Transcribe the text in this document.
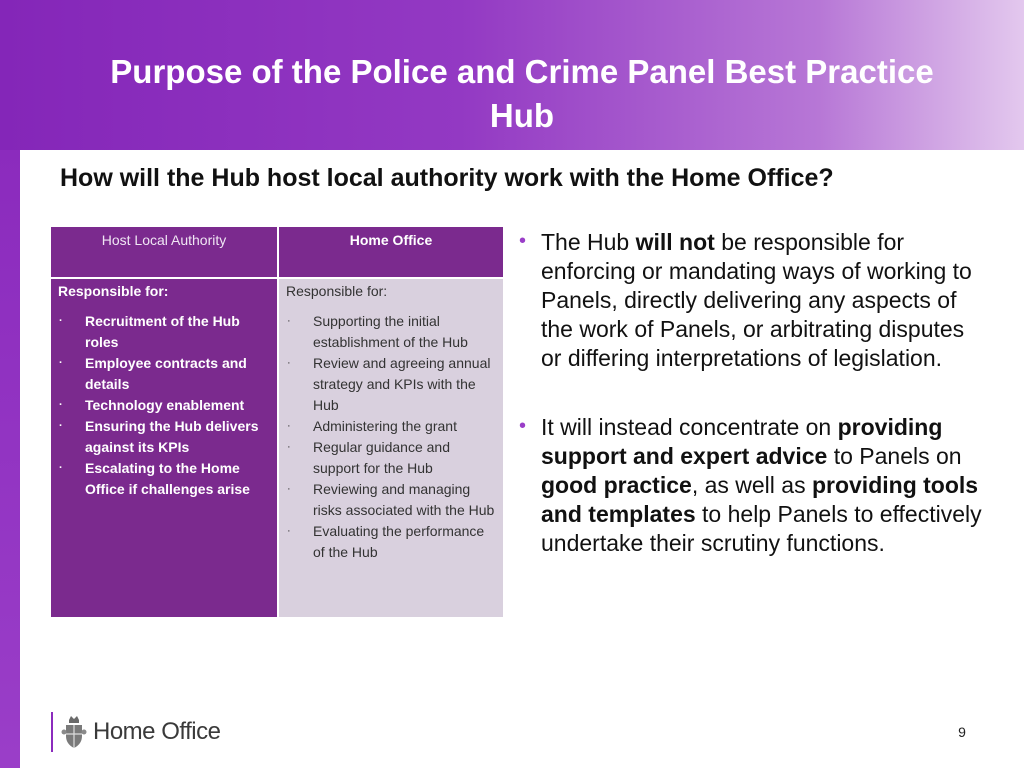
Purpose of the Police and Crime Panel Best Practice
Hub
How will the Hub host local authority work with the Home Office?
Host Local Authority	Home Office
Responsible for:
· Recruitment of the Hub roles
· Employee contracts and details
· Technology enablement
· Ensuring the Hub delivers against its KPIs
· Escalating to the Home Office if challenges arise
Responsible for:
· Supporting the initial establishment of the Hub
· Review and agreeing annual strategy and KPIs with the Hub
· Administering the grant
· Regular guidance and support for the Hub
· Reviewing and managing risks associated with the Hub
· Evaluating the performance of the Hub
• The Hub will not be responsible for enforcing or mandating ways of working to Panels, directly delivering any aspects of the work of Panels, or arbitrating disputes or differing interpretations of legislation.
• It will instead concentrate on providing support and expert advice to Panels on good practice, as well as providing tools and templates to help Panels to effectively undertake their scrutiny functions.
Home Office	9
